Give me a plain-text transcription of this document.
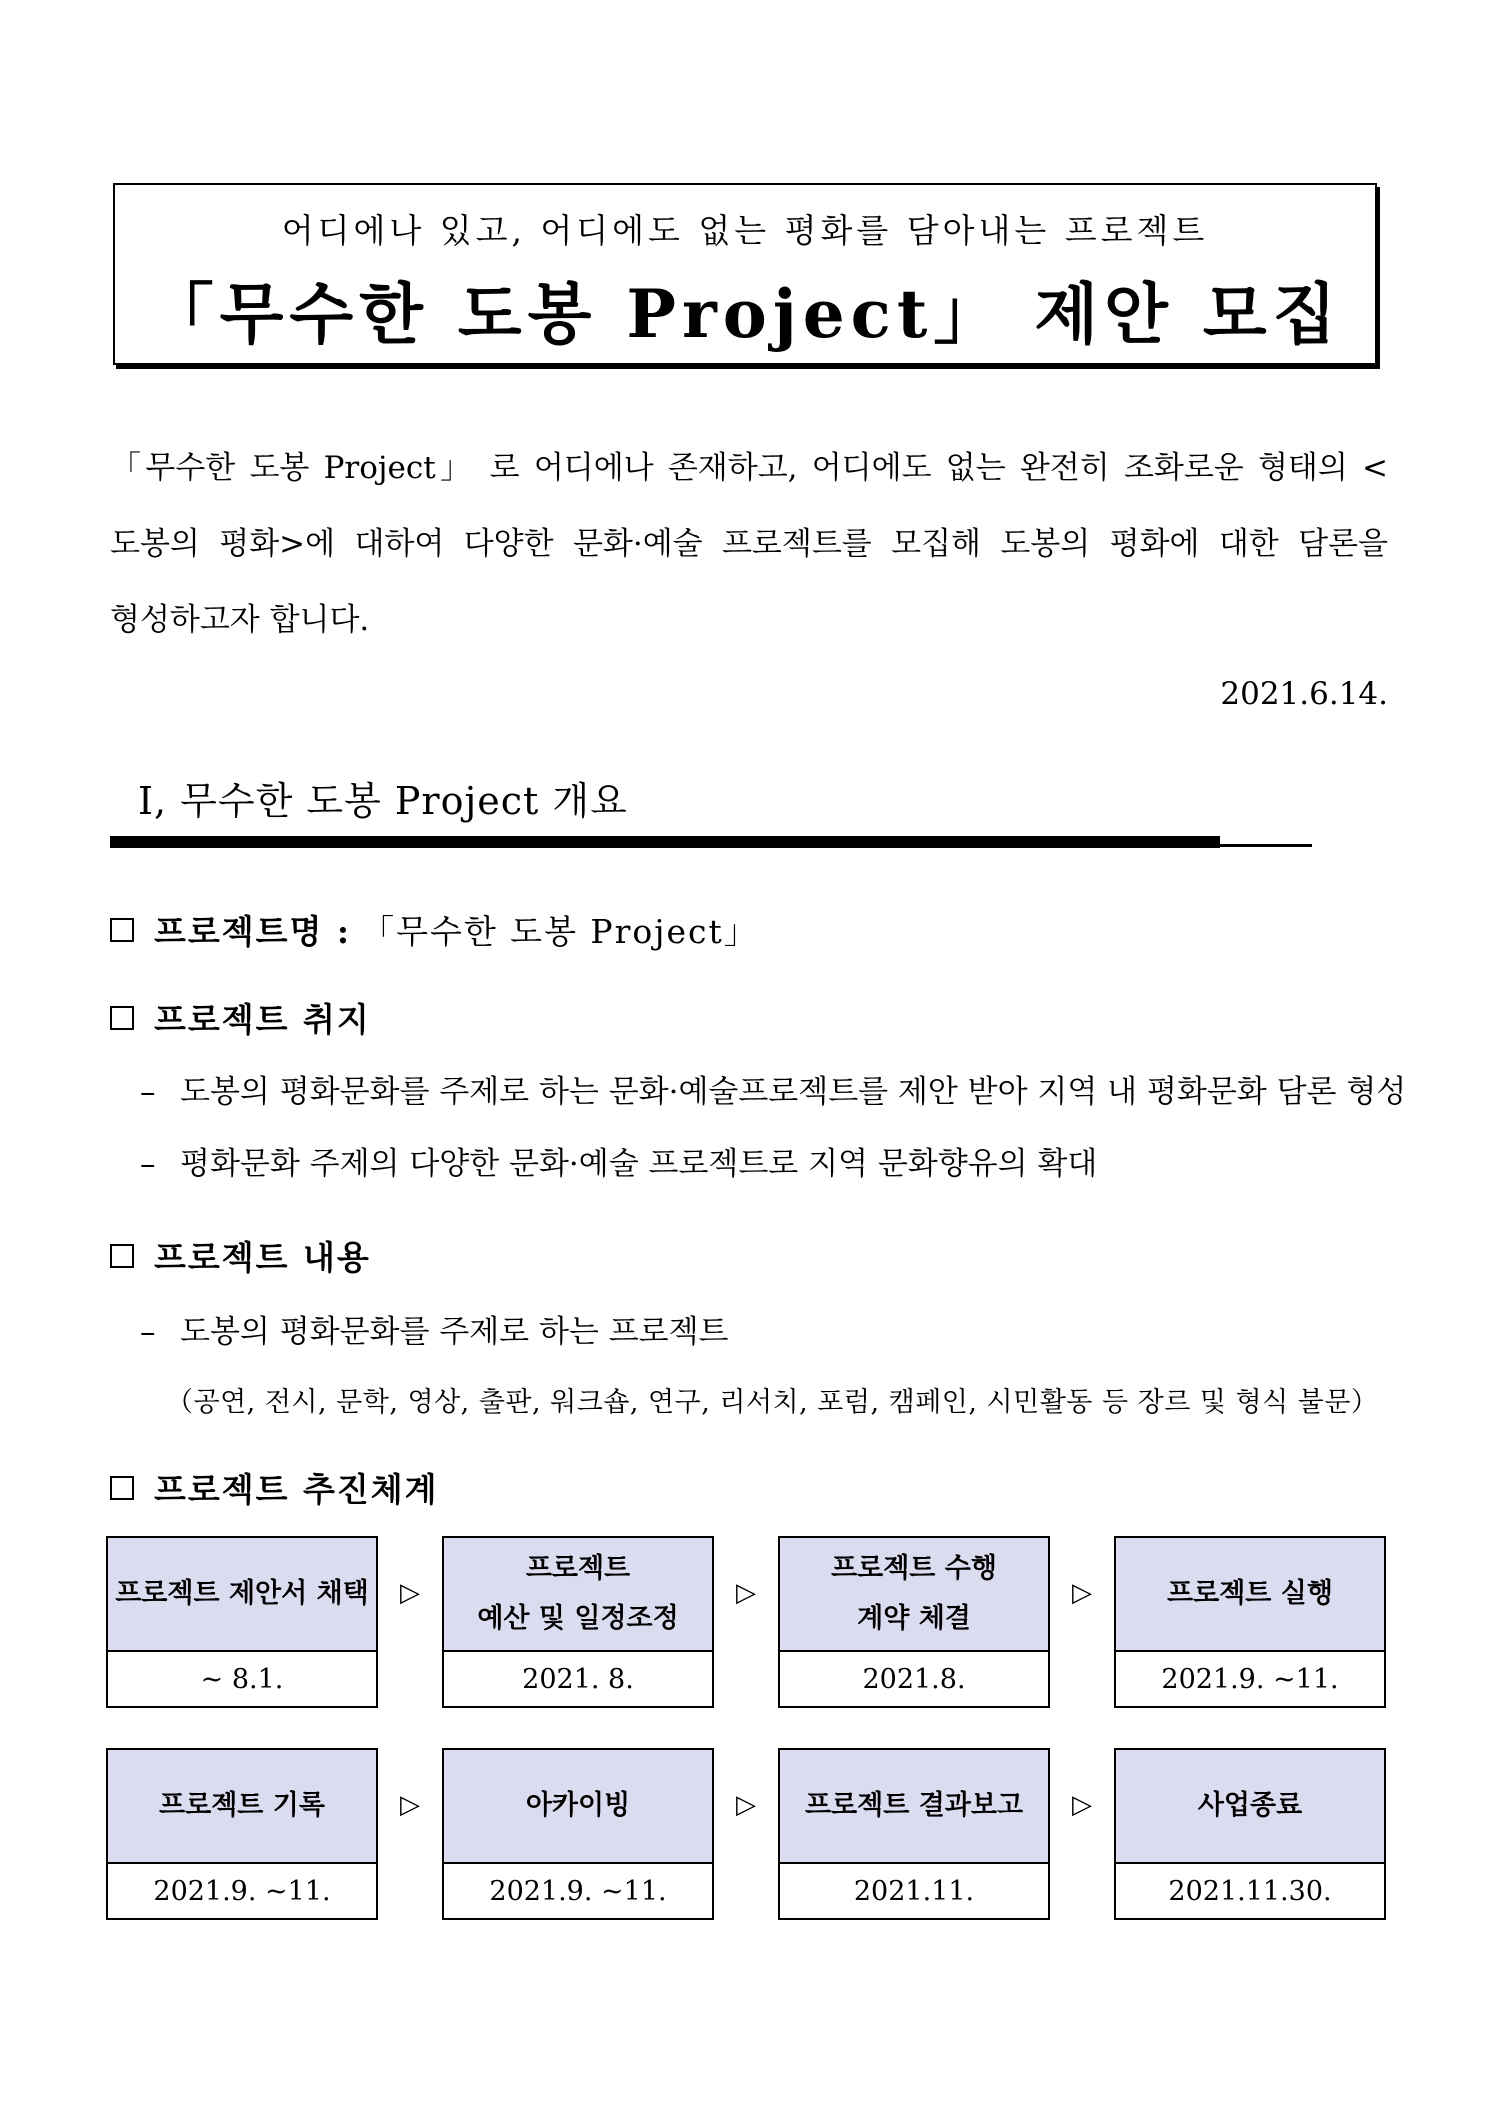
어디에나 있고, 어디에도 없는 평화를 담아내는 프로젝트
「무수한 도봉 Project」 제안 모집
「무수한 도봉 Project」 로 어디에나 존재하고, 어디에도 없는 완전히 조화로운 형태의 <도봉의 평화>에 대하여 다양한 문화·예술 프로젝트를 모집해 도봉의 평화에 대한 담론을 형성하고자 합니다.
2021.6.14.
Ⅰ, 무수한 도봉 Project 개요
프로젝트명 : 「무수한 도봉 Project」
프로젝트 취지
– 도봉의 평화문화를 주제로 하는 문화·예술프로젝트를 제안 받아 지역 내 평화문화 담론 형성
– 평화문화 주제의 다양한 문화·예술 프로젝트로 지역 문화향유의 확대
프로젝트 내용
– 도봉의 평화문화를 주제로 하는 프로젝트
（공연, 전시, 문학, 영상, 출판, 워크숍, 연구, 리서치, 포럼, 캠페인, 시민활동 등 장르 및 형식 불문）
프로젝트 추진체계
프로젝트 제안서 채택
~ 8.1.
▷
프로젝트
예산 및 일정조정
2021. 8.
▷
프로젝트 수행
계약 체결
2021.8.
▷	프로젝트 실행
2021.9. ~11.
프로젝트 기록
2021.9. ~11.
▷	아카이빙
2021.9. ~11.
▷	프로젝트 결과보고
2021.11.
▷	사업종료
2021.11.30.
